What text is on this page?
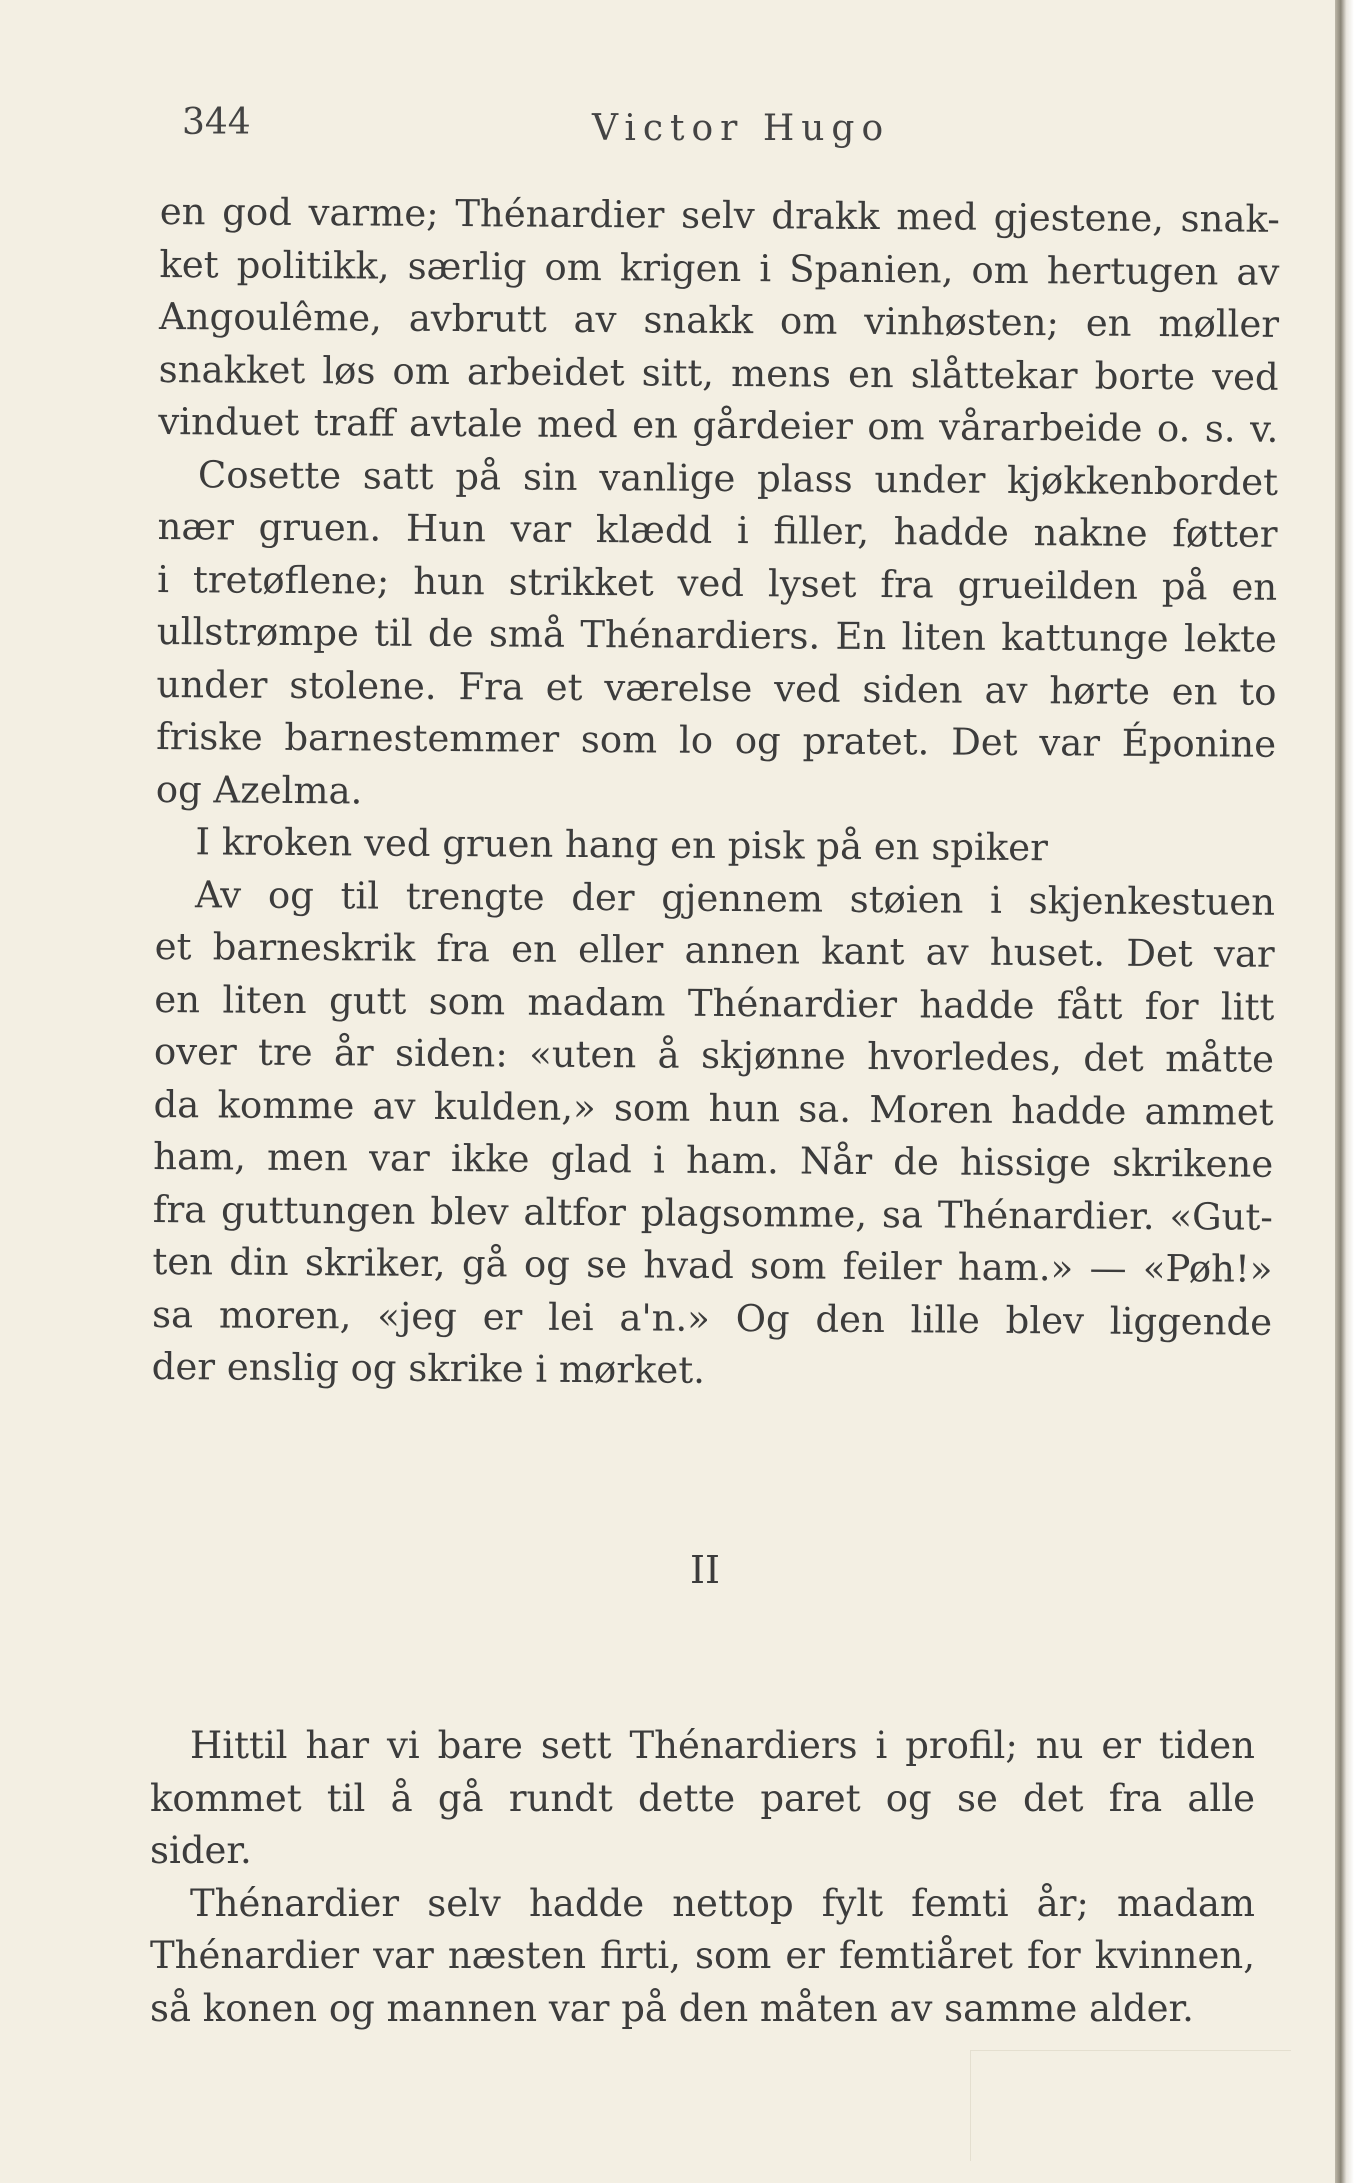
344	Victor Hugo
en god varme; Thénardier selv drakk med gjestene, snak-
ket politikk, særlig om krigen i Spanien, om hertugen av
Angoulême, avbrutt av snakk om vinhøsten; en møller
snakket løs om arbeidet sitt, mens en slåttekar borte ved
vinduet traff avtale med en gårdeier om vårarbeide o. s. v.
Cosette satt på sin vanlige plass under kjøkkenbordet
nær gruen. Hun var klædd i filler, hadde nakne føtter
i tretøflene; hun strikket ved lyset fra grueilden på en
ullstrømpe til de små Thénardiers. En liten kattunge lekte
under stolene. Fra et værelse ved siden av hørte en to
friske barnestemmer som lo og pratet. Det var Éponine
og Azelma.
I kroken ved gruen hang en pisk på en spiker
Av og til trengte der gjennem støien i skjenkestuen
et barneskrik fra en eller annen kant av huset. Det var
en liten gutt som madam Thénardier hadde fått for litt
over tre år siden: «uten å skjønne hvorledes, det måtte
da komme av kulden,» som hun sa. Moren hadde ammet
ham, men var ikke glad i ham. Når de hissige skrikene
fra guttungen blev altfor plagsomme, sa Thénardier. «Gut-
ten din skriker, gå og se hvad som feiler ham.» — «Pøh!»
sa moren, «jeg er lei a'n.» Og den lille blev liggende
der enslig og skrike i mørket.
II
Hittil har vi bare sett Thénardiers i profil; nu er tiden
kommet til å gå rundt dette paret og se det fra alle
sider.
Thénardier selv hadde nettop fylt femti år; madam
Thénardier var næsten firti, som er femtiåret for kvinnen,
så konen og mannen var på den måten av samme alder.
